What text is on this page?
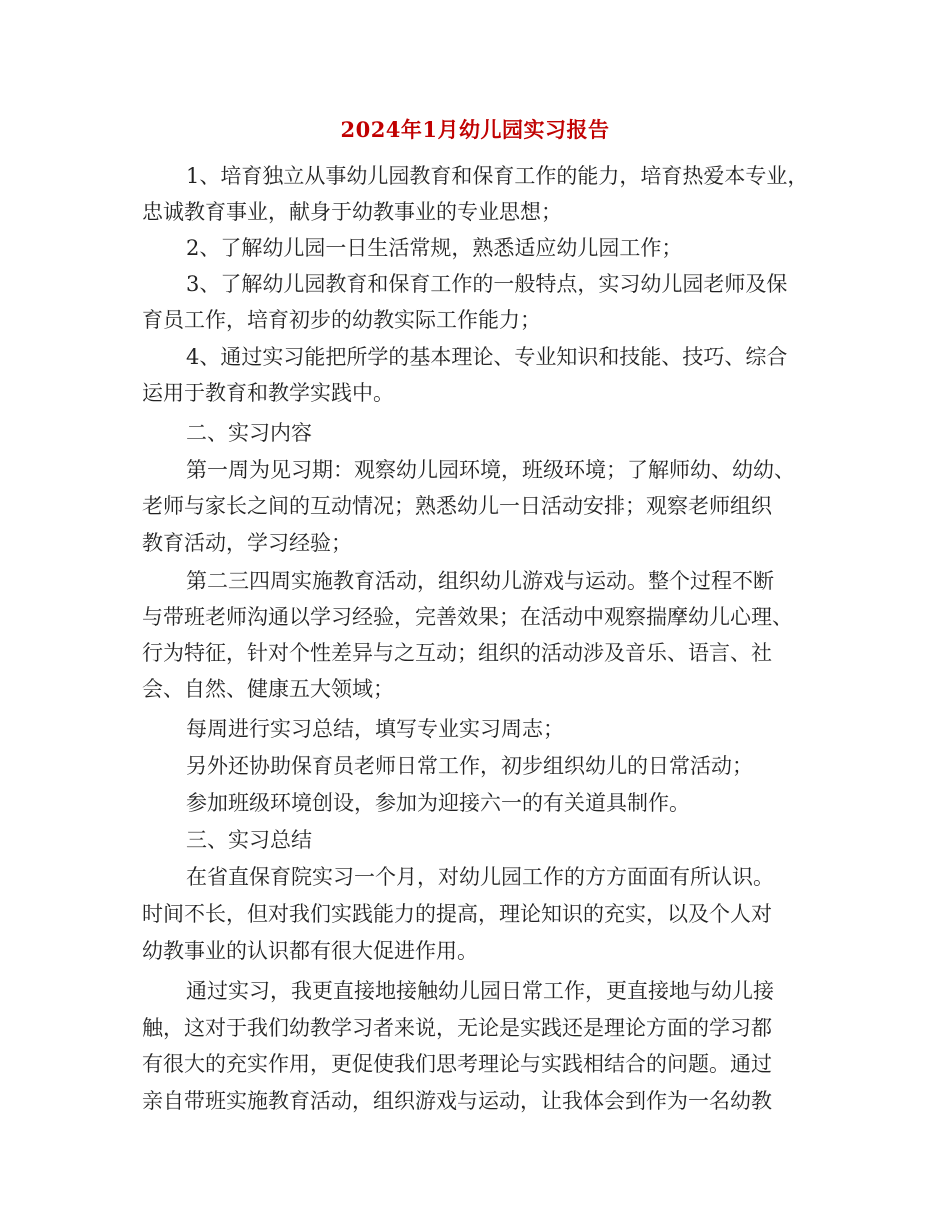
2024年1月幼儿园实习报告
1、培育独立从事幼儿园教育和保育工作的能力，培育热爱本专业，
忠诚教育事业，献身于幼教事业的专业思想；
2、了解幼儿园一日生活常规，熟悉适应幼儿园工作；
3、了解幼儿园教育和保育工作的一般特点，实习幼儿园老师及保
育员工作，培育初步的幼教实际工作能力；
4、通过实习能把所学的基本理论、专业知识和技能、技巧、综合
运用于教育和教学实践中。
二、实习内容
第一周为见习期：观察幼儿园环境，班级环境；了解师幼、幼幼、
老师与家长之间的互动情况；熟悉幼儿一日活动安排；观察老师组织
教育活动，学习经验；
第二三四周实施教育活动，组织幼儿游戏与运动。整个过程不断
与带班老师沟通以学习经验，完善效果；在活动中观察揣摩幼儿心理、
行为特征，针对个性差异与之互动；组织的活动涉及音乐、语言、社
会、自然、健康五大领域；
每周进行实习总结，填写专业实习周志；
另外还协助保育员老师日常工作，初步组织幼儿的日常活动；
参加班级环境创设，参加为迎接六一的有关道具制作。
三、实习总结
在省直保育院实习一个月，对幼儿园工作的方方面面有所认识。
时间不长，但对我们实践能力的提高，理论知识的充实，以及个人对
幼教事业的认识都有很大促进作用。
通过实习，我更直接地接触幼儿园日常工作，更直接地与幼儿接
触，这对于我们幼教学习者来说，无论是实践还是理论方面的学习都
有很大的充实作用，更促使我们思考理论与实践相结合的问题。通过
亲自带班实施教育活动，组织游戏与运动，让我体会到作为一名幼教
